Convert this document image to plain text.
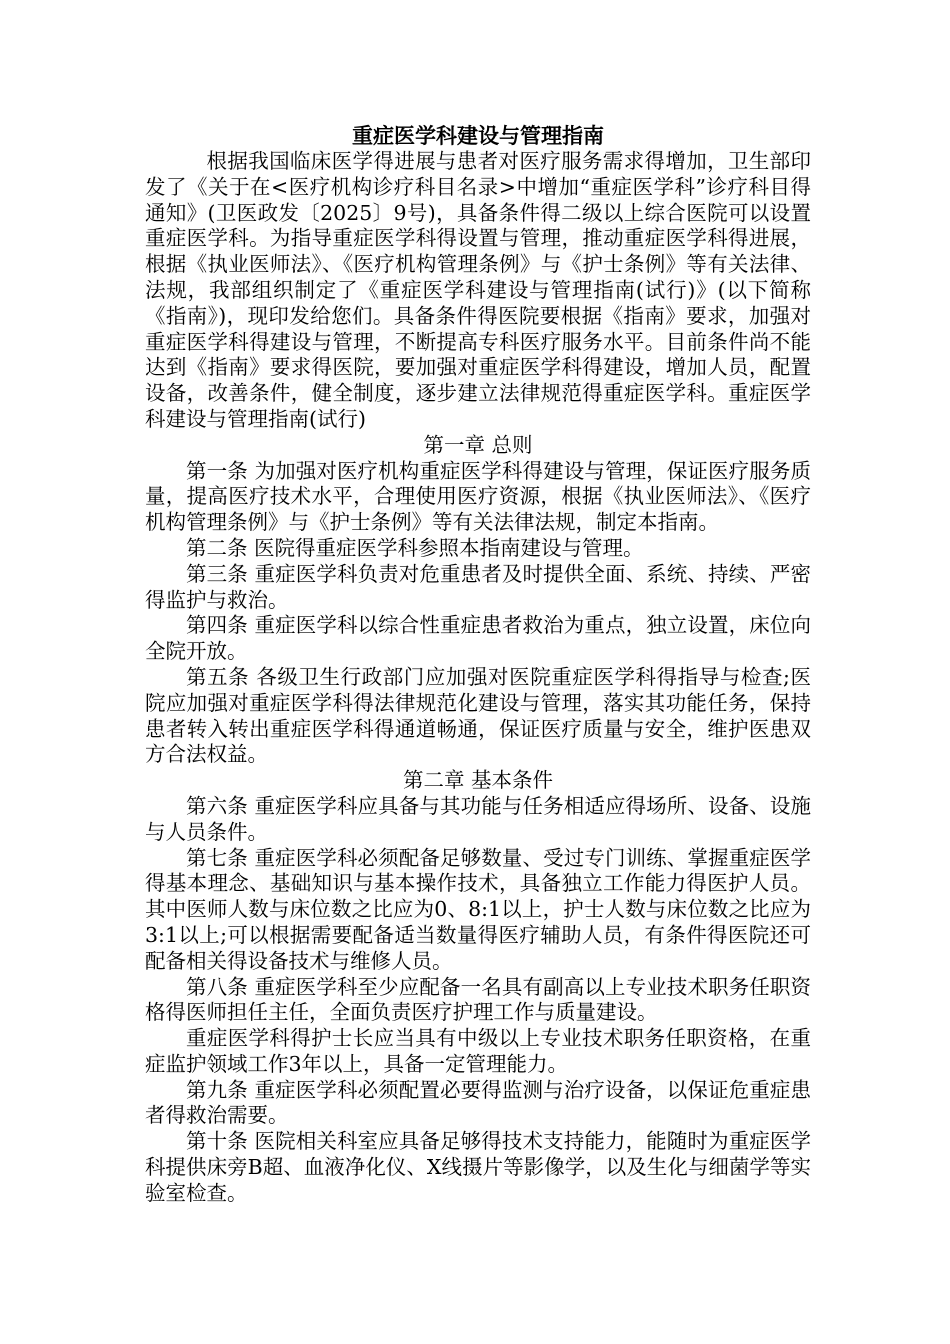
重症医学科建设与管理指南

根据我国临床医学得进展与患者对医疗服务需求得增加，卫生部印发了《关于在<医疗机构诊疗科目名录>中增加“重症医学科”诊疗科目得通知》(卫医政发〔2025〕9号)，具备条件得二级以上综合医院可以设置重症医学科。为指导重症医学科得设置与管理，推动重症医学科得进展，根据《执业医师法》、《医疗机构管理条例》与《护士条例》等有关法律、法规，我部组织制定了《重症医学科建设与管理指南(试行)》(以下简称《指南》)，现印发给您们。具备条件得医院要根据《指南》要求，加强对重症医学科得建设与管理，不断提高专科医疗服务水平。目前条件尚不能达到《指南》要求得医院，要加强对重症医学科得建设，增加人员，配置设备，改善条件，健全制度，逐步建立法律规范得重症医学科。重症医学科建设与管理指南(试行)

第一章 总则

第一条 为加强对医疗机构重症医学科得建设与管理，保证医疗服务质量，提高医疗技术水平，合理使用医疗资源，根据《执业医师法》、《医疗机构管理条例》与《护士条例》等有关法律法规，制定本指南。

第二条 医院得重症医学科参照本指南建设与管理。

第三条 重症医学科负责对危重患者及时提供全面、系统、持续、严密得监护与救治。

第四条 重症医学科以综合性重症患者救治为重点，独立设置，床位向全院开放。

第五条 各级卫生行政部门应加强对医院重症医学科得指导与检查;医院应加强对重症医学科得法律规范化建设与管理，落实其功能任务，保持患者转入转出重症医学科得通道畅通，保证医疗质量与安全，维护医患双方合法权益。

第二章 基本条件

第六条 重症医学科应具备与其功能与任务相适应得场所、设备、设施与人员条件。

第七条 重症医学科必须配备足够数量、受过专门训练、掌握重症医学得基本理念、基础知识与基本操作技术，具备独立工作能力得医护人员。其中医师人数与床位数之比应为0、8:1以上，护士人数与床位数之比应为3:1以上;可以根据需要配备适当数量得医疗辅助人员，有条件得医院还可配备相关得设备技术与维修人员。

第八条 重症医学科至少应配备一名具有副高以上专业技术职务任职资格得医师担任主任，全面负责医疗护理工作与质量建设。

重症医学科得护士长应当具有中级以上专业技术职务任职资格，在重症监护领域工作3年以上，具备一定管理能力。

第九条 重症医学科必须配置必要得监测与治疗设备，以保证危重症患者得救治需要。

第十条 医院相关科室应具备足够得技术支持能力，能随时为重症医学科提供床旁B超、血液净化仪、X线摄片等影像学，以及生化与细菌学等实验室检查。
